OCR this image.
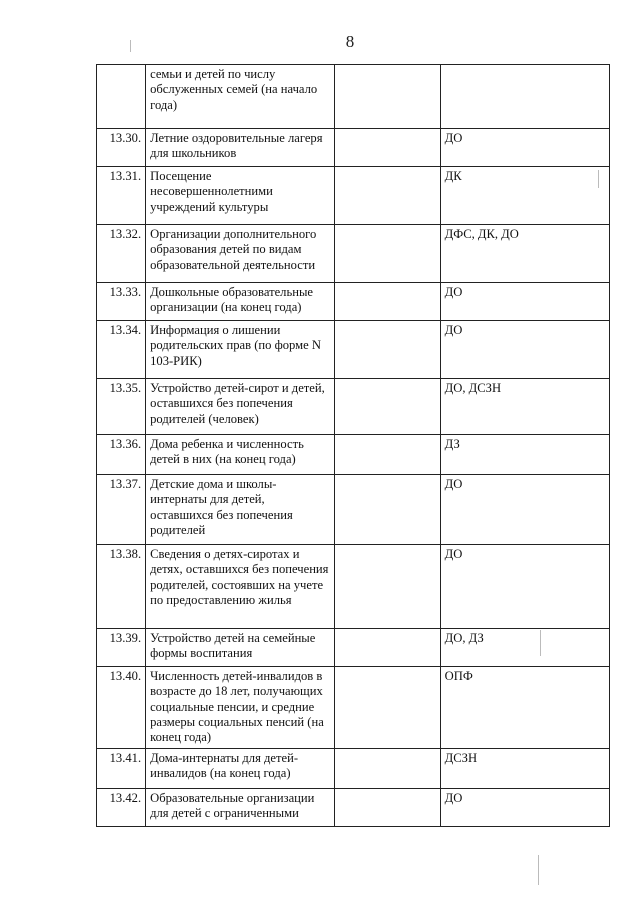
8
	семьи и детей по числу обслуженных семей (на начало года)		
13.30.	Летние оздоровительные лагеря для школьников		ДО
13.31.	Посещение несовершеннолетними учреждений культуры		ДК
13.32.	Организации дополнительного образования детей по видам образовательной деятельности		ДФС, ДК, ДО
13.33.	Дошкольные образовательные организации (на конец года)		ДО
13.34.	Информация о лишении родительских прав (по форме N 103-РИК)		ДО
13.35.	Устройство детей-сирот и детей, оставшихся без попечения родителей (человек)		ДО, ДСЗН
13.36.	Дома ребенка и численность детей в них (на конец года)		ДЗ
13.37.	Детские дома и школы-интернаты для детей, оставшихся без попечения родителей		ДО
13.38.	Сведения о детях-сиротах и детях, оставшихся без попечения родителей, состоявших на учете по предоставлению жилья		ДО
13.39.	Устройство детей на семейные формы воспитания		ДО, ДЗ
13.40.	Численность детей-инвалидов в возрасте до 18 лет, получающих социальные пенсии, и средние размеры социальных пенсий (на конец года)		ОПФ
13.41.	Дома-интернаты для детей-инвалидов (на конец года)		ДСЗН
13.42.	Образовательные организации для детей с ограниченными		ДО
